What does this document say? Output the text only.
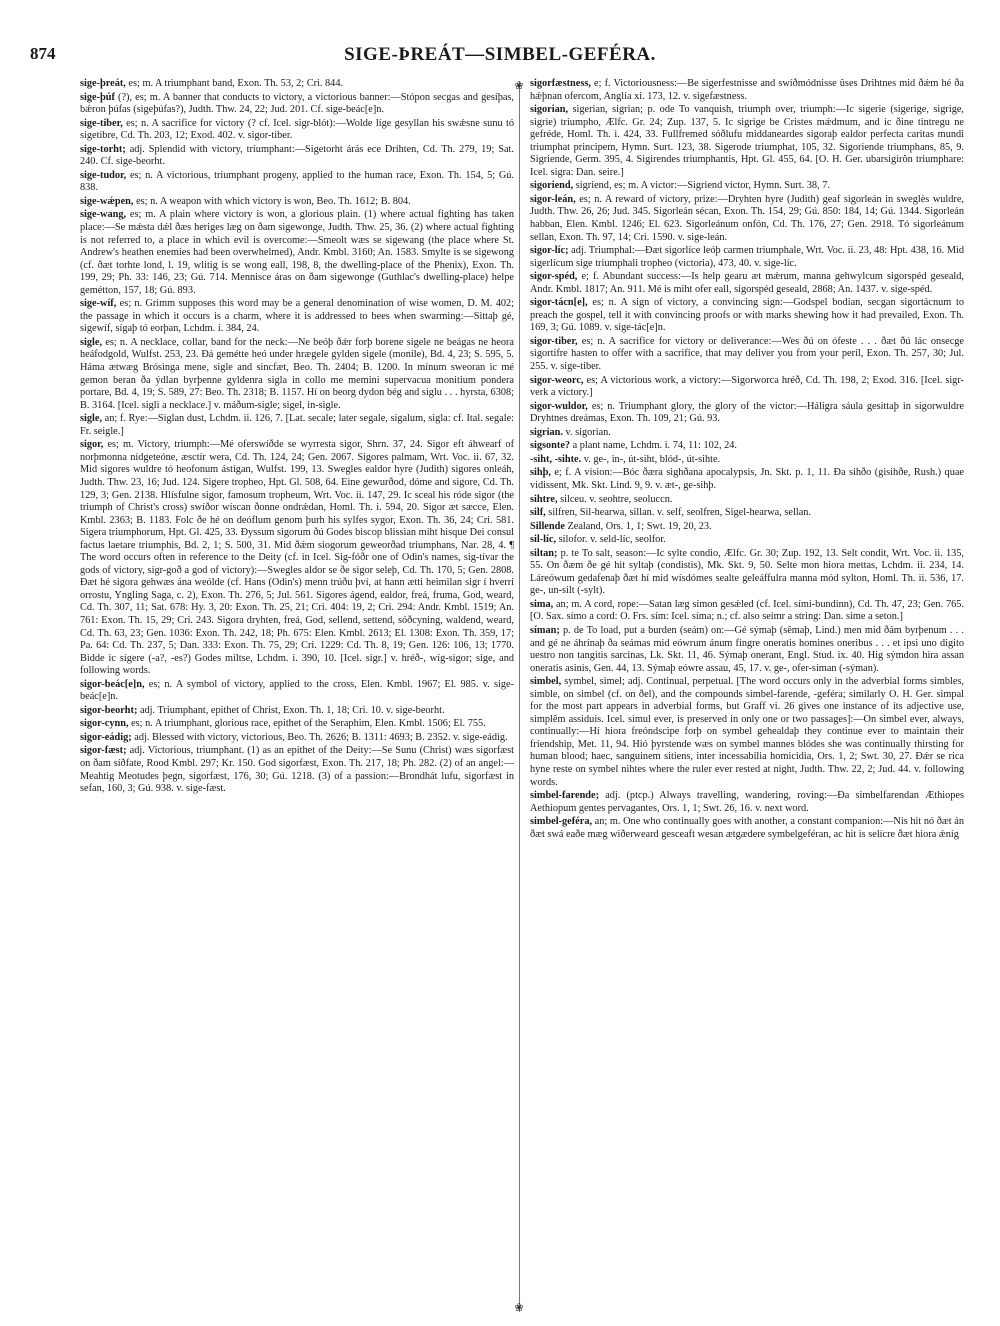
874	SIGE-ÞREÁT—SIMBEL-GEFÉRA.

sige-þreát, es; m. A triumphant band, Exon. Th. 53, 2; Cri. 844.

sige-þúf (?), es; m. A banner that conducts to victory, a victorious banner:—Stópon secgas and gesíþas, bǽron þúfas (sigeþúfas?), Judth. Thw. 24, 22; Jud. 201. Cf. sige-beác[e]n.

sige-tiber, es; n. A sacrifice for victory (? cf. Icel. sigr-blót):—Wolde líge gesyllan his swǽsne sunu tó sigetibre, Cd. Th. 203, 12; Exod. 402. v. sigor-tiber.

sige-torht; adj. Splendid with victory, triumphant:—Sigetorht árás ece Drihten, Cd. Th. 279, 19; Sat. 240. Cf. sige-beorht.

sige-tudor, es; n. A victorious, triumphant progeny, applied to the human race, Exon. Th. 154, 5; Gú. 838.

sige-wǽpen, es; n. A weapon with which victory is won, Beo. Th. 1612; B. 804.

sige-wang, es; m. A plain where victory is won, a glorious plain. (1) where actual fighting has taken place:—Se mǽsta dǽl ðæs heriges læg on ðam sigewonge, Judth. Thw. 25, 36. (2) where actual fighting is not referred to, a place in which evil is overcome:—Smeolt wæs se sigewang (the place where St. Andrew's heathen enemies had been overwhelmed), Andr. Kmbl. 3160; An. 1583. Smylte is se sigewong (cf. ðæt torhte lond, l. 19, wlitig is se wong eall, 198, 8, the dwelling-place of the Phenix), Exon. Th. 199, 29; Ph. 33: 146, 23; Gú. 714. Mennisce áras on ðam sigewonge (Guthlac's dwelling-place) helpe gemétton, 157, 18; Gú. 893.

sige-wíf, es; n. Grimm supposes this word may be a general denomination of wise women, D. M. 402; the passage in which it occurs is a charm, where it is addressed to bees when swarming:—Sittaþ gé, sigewíf, sígaþ tó eorþan, Lchdm. i. 384, 24.

sigle, es; n. A necklace, collar, band for the neck:—Ne beóþ ðǽr forþ borene sigele ne beágas ne heora heáfodgold, Wulfst. 253, 23. Ðá gemétte heó under hrægele gylden sigele (monile), Bd. 4, 23; S. 595, 5. Háma ætwæg Brósinga mene, sigle and sincfæt, Beo. Th. 2404; B. 1200. In mínum sweoran ic mé gemon beran ða ýdlan byrþenne gyldenra sigla in collo me memini supervacua monitium pondera portare, Bd. 4, 19; S. 589, 27: Beo. Th. 2318; B. 1157. Hí on beorg dydon bég and siglu . . . hyrsta, 6308; B. 3164. [Icel. sigli a necklace.] v. máðum-sigle; sigel, in-sigle.

sigle, an; f. Rye:—Siglan dust, Lchdm. ii. 126, 7. [Lat. secale; later segale, sigalum, sigla: cf. Ital. segale: Fr. seigle.]

sigor, es; m. Victory, triumph:—Mé oferswíðde se wyrresta sigor, Shrn. 37, 24. Sigor eft áhwearf of norþmonna nídgeteóne, æsctír wera, Cd. Th. 124, 24; Gen. 2067. Sigores palmam, Wrt. Voc. ii. 67, 32. Mid sigores wuldre tó heofonum ástígan, Wulfst. 199, 13. Swegles ealdor hyre (Judith) sigores onleáh, Judth. Thw. 23, 16; Jud. 124. Sigere tropheo, Hpt. Gl. 508, 64. Eine gewurðod, dóme and sigore, Cd. Th. 129, 3; Gen. 2138. Hlísfulne sigor, famosum tropheum, Wrt. Voc. ii. 147, 29. Ic sceal his róde sigor (the triumph of Christ's cross) swíðor wíscan ðonne ondrǽdan, Homl. Th. i. 594, 20. Sigor æt sæcce, Elen. Kmbl. 2363; B. 1183. Folc ðe hé on deóflum genom þurh his sylfes sygor, Exon. Th. 36, 24; Cri. 581. Sigera triumphorum, Hpt. Gl. 425, 33. Ðyssum sigorum ðú Godes biscop blissian miht hisque Dei consul factus laetare triumphis, Bd. 2, 1; S. 500, 31. Mid ðǽm siogorum geweorðad triumphans, Nar. 28, 4. ¶ The word occurs often in reference to the Deity (cf. in Icel. Sig-fóðr one of Odin's names, sig-tívar the gods of victory, sigr-goð a god of victory):—Swegles aldor se ðe sigor seleþ, Cd. Th. 170, 5; Gen. 2808. Ðæt hé sigora gehwæs ána weólde (cf. Hans (Odin's) menn trúðu því, at hann ætti heimilan sigr í hverri orrostu, Yngling Saga, c. 2), Exon. Th. 276, 5; Jul. 561. Sigores ágend, ealdor, freá, fruma, God, weard, Cd. Th. 307, 11; Sat. 678: Hy. 3, 20: Exon. Th. 25, 21; Cri. 404: 19, 2; Cri. 294: Andr. Kmbl. 1519; An. 761: Exon. Th. 15, 29; Cri. 243. Sigora dryhten, freá, God, sellend, settend, sóðcyning, waldend, weard, Cd. Th. 63, 23; Gen. 1036: Exon. Th. 242, 18; Ph. 675: Elen. Kmbl. 2613; El. 1308: Exon. Th. 359, 17; Pa. 64: Cd. Th. 237, 5; Dan. 333: Exon. Th. 75, 29; Cri. 1229: Cd. Th. 8, 19; Gen. 126: 106, 13; 1770. Bidde ic sigere (-a?, -es?) Godes miltse, Lchdm. i. 390, 10. [Icel. sigr.] v. hréð-, wíg-sigor; sige, and following words.

sigor-beác[e]n, es; n. A symbol of victory, applied to the cross, Elen. Kmbl. 1967; El. 985. v. sige-beác[e]n.

sigor-beorht; adj. Triumphant, epithet of Christ, Exon. Th. 1, 18; Cri. 10. v. sige-beorht.

sigor-cynn, es; n. A triumphant, glorious race, epithet of the Seraphim, Elen. Kmbl. 1506; El. 755.

sigor-eádig; adj. Blessed with victory, victorious, Beo. Th. 2626; B. 1311: 4693; B. 2352. v. sige-eádig.

sigor-fæst; adj. Victorious, triumphant. (1) as an epithet of the Deity:—Se Sunu (Christ) wæs sigorfæst on ðam síðfate, Rood Kmbl. 297; Kr. 150. God sigorfæst, Exon. Th. 217, 18; Ph. 282. (2) of an angel:—Meahtig Meotudes þegn, sigorfæst, 176, 30; Gú. 1218. (3) of a passion:—Brondhát lufu, sigorfæst in sefan, 160, 3; Gú. 938. v. sige-fæst.

❀
❀

sigorfæstness, e; f. Victoriousness:—Be sigerfestnisse and swíðmódnisse ûses Drihtnes mid ðǽm hé ða hǽþnan ofercom, Anglia xi. 173, 12. v. sigefæstness.

sigorian, sigerian, sigrian; p. ode To vanquish, triumph over, triumph:—Ic sigerie (sigerige, sigrige, sigrie) triumpho, Ælfc. Gr. 24; Zup. 137, 5. Ic sigrige be Cristes mǽdmum, and ic ðine tintregu ne gefréde, Homl. Th. i. 424, 33. Fullfremed sóðlufu middaneardes sigoraþ ealdor perfecta caritas mundi triumphat principem, Hymn. Surt. 123, 38. Sigerode triumphat, 105, 32. Sigoriende triumphans, 85, 9. Sigriende, Germ. 395, 4. Sigirendes triumphantis, Hpt. Gl. 455, 64. [O. H. Ger. ubarsigirôn triumphare: Icel. sigra: Dan. seire.]

sigoriend, sigriend, es; m. A victor:—Sigriend victor, Hymn. Surt. 38, 7.

sigor-leán, es; n. A reward of victory, prize:—Dryhten hyre (Judith) geaf sigorleán in sweglès wuldre, Judth. Thw. 26, 26; Jud. 345. Sigorleán sécan, Exon. Th. 154, 29; Gú. 850: 184, 14; Gú. 1344. Sigorleán habban, Elen. Kmbl. 1246; El. 623. Sigorleánum onfón, Cd. Th. 176, 27; Gen. 2918. Tó sigorleánum sellan, Exon. Th. 97, 14; Cri. 1590. v. sige-leán.

sigor-líc; adj. Triumphal:—Ðæt sigorlíce leóþ carmen triumphale, Wrt. Voc. ii. 23, 48: Hpt. 438, 16. Mid sigerlícum sige triumphali tropheo (victoria), 473, 40. v. sige-líc.

sigor-spéd, e; f. Abundant success:—Is help gearu æt mǽrum, manna gehwylcum sigorspéd geseald, Andr. Kmbl. 1817; An. 911. Mé is miht ofer eall, sigorspéd geseald, 2868; An. 1437. v. sige-spéd.

sigor-tácn[e], es; n. A sign of victory, a convincing sign:—Godspel bodian, secgan sigortácnum to preach the gospel, tell it with convincing proofs or with marks shewing how it had prevailed, Exon. Th. 169, 3; Gú. 1089. v. sige-tác[e]n.

sigor-tiber, es; n. A sacrifice for victory or deliverance:—Wes ðú on ófeste . . . ðæt ðú lác onsecge sigortifre hasten to offer with a sacrifice, that may deliver you from your peril, Exon. Th. 257, 30; Jul. 255. v. sige-tiber.

sigor-weorc, es; A victorious work, a victory:—Sigorworca hréð, Cd. Th. 198, 2; Exod. 316. [Icel. sigr-verk a victory.]

sigor-wuldor, es; n. Triumphant glory, the glory of the victor:—Háligra sáula gesittaþ in sigorwuldre Dryhtnes dreámas, Exon. Th. 109, 21; Gú. 93.

sigrian. v. sigorian.

sigsonte? a plant name, Lchdm. i. 74, 11: 102, 24.

-siht, -sihte. v. ge-, in-, út-siht, blód-, út-sihte.

sihþ, e; f. A vision:—Bóc ðæra sighðana apocalypsis, Jn. Skt. p. 1, 11. Ða sihðo (gisihðe, Rush.) quae vidissent, Mk. Skt. Lind. 9, 9. v. æt-, ge-sihþ.

sihtre, silceu. v. seohtre, seoluccn.

silf, silfren, Sil-hearwa, sillan. v. self, seolfren, Sigel-hearwa, sellan.

Sillende Zealand, Ors. 1, 1; Swt. 19, 20, 23.

sil-líc, silofor. v. seld-líc, seolfor.

siltan; p. te To salt, season:—Ic sylte condio, Ælfc. Gr. 30; Zup. 192, 13. Selt condit, Wrt. Voc. ii. 135, 55. On ðæm ðe gé hit syltaþ (condistis), Mk. Skt. 9, 50. Selte mon hiora mettas, Lchdm. ii. 234, 14. Láreówum gedafenaþ ðæt hí mid wísdómes sealte geleáffulra manna mód sylton, Homl. Th. ii. 536, 17. ge-, un-silt (-sylt).

sima, an; m. A cord, rope:—Satan læg símon gesǽled (cf. Icel. sími-bundinn), Cd. Th. 47, 23; Gen. 765. [O. Sax. símo a cord: O. Frs. sím: Icel. síma; n.; cf. also seimr a string: Dan. sime a seton.]

síman; p. de To load, put a burden (seám) on:—Gé sýmaþ (sêmaþ, Lind.) men mid ðám byrþenum . . . and gé ne áhrínaþ ða seámas mid eówrum ánum fingre oneratis homines oneribus . . . et ipsi uno digito uestro non tangitis sarcinas, Lk. Skt. 11, 46. Sýmaþ onerant, Engl. Stud. ix. 40. Hig sýmdon hira assan oneratis asinis, Gen. 44, 13. Sýmaþ eówre assau, 45, 17. v. ge-, ofer-síman (-sýman).

simbel, symbel, simel; adj. Continual, perpetual. [The word occurs only in the adverbial forms simbles, simble, on simbel (cf. on ðel), and the compounds simbel-farende, -geféra; similarly O. H. Ger. simpal for the most part appears in adverbial forms, but Graff vi. 26 gives one instance of its adjective use, simplêm assiduis. Icel. simul ever, is preserved in only one or two passages]:—On simbel ever, always, continually:—Hí hiora freóndscipe forþ on symbel gehealdaþ they continue ever to maintain their friendship, Met. 11, 94. Hió þyrstende wæs on symbel mannes blódes she was continually thirsting for human blood; haec, sanguinem sitiens, inter incessabilia homicidia, Ors. 1, 2; Swt. 30, 27. Ðǽr se rica hyne reste on symbel nihtes where the ruler ever rested at night, Judth. Thw. 22, 2; Jud. 44. v. following words.

simbel-farende; adj. (ptcp.) Always travelling, wandering, roving:—Ða simbelfarendan Æthiopes Aethiopum gentes pervagantes, Ors. 1, 1; Swt. 26, 16. v. next word.

simbel-geféra, an; m. One who continually goes with another, a constant companion:—Nis hit nó ðæt án ðæt swá eaðe mæg wiðerweard gesceaft wesan ætgædere symbelgeféran, ac hit is selícre ðæt hiora ǽnig
